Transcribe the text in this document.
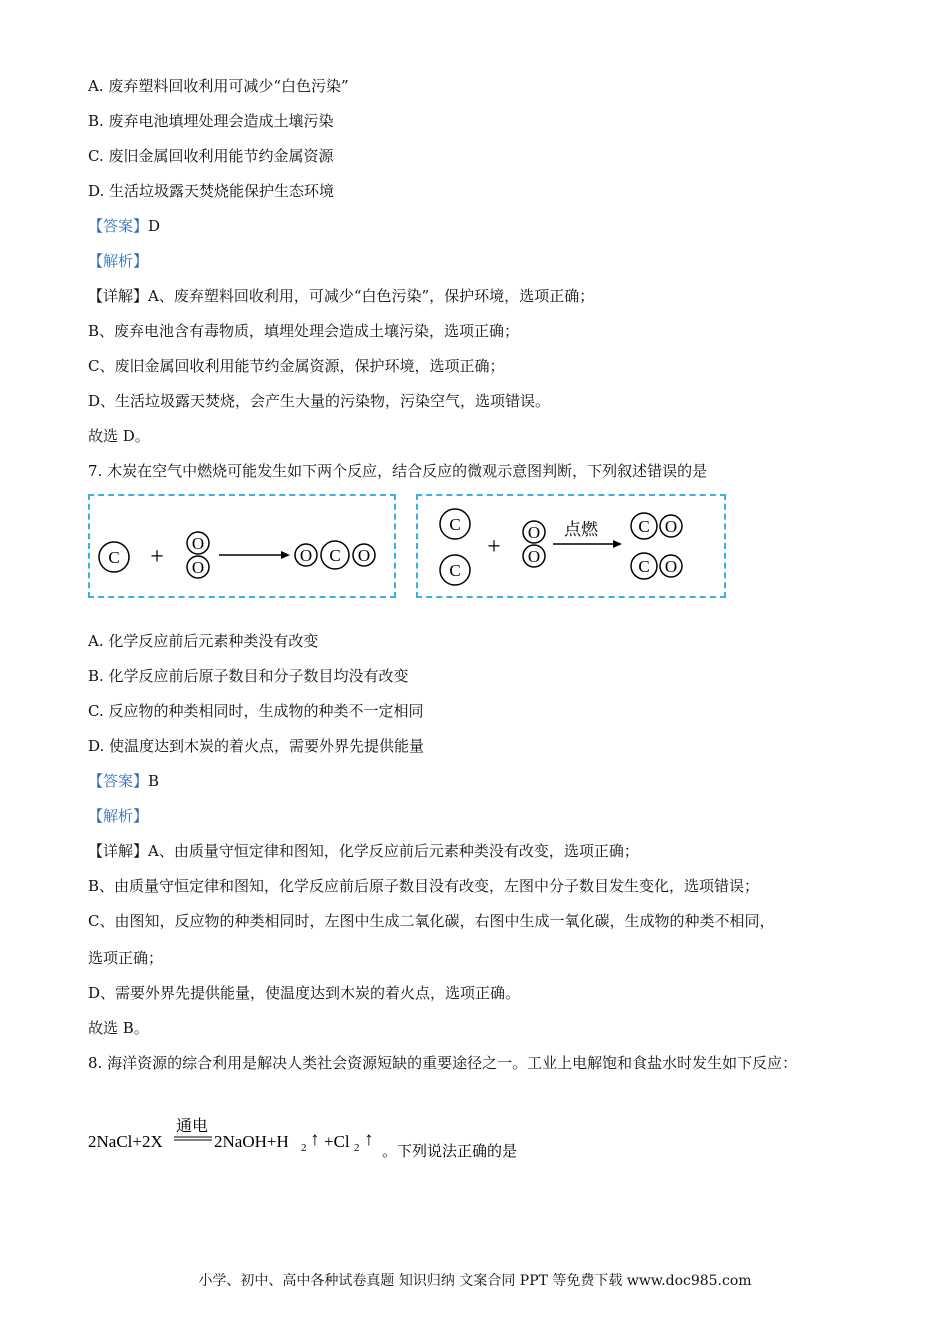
A. 废弃塑料回收利用可减少“白色污染”
B. 废弃电池填埋处理会造成土壤污染
C. 废旧金属回收利用能节约金属资源
D. 生活垃圾露天焚烧能保护生态环境
【答案】D
【解析】
【详解】A、废弃塑料回收利用，可减少“白色污染”，保护环境，选项正确；
B、废弃电池含有毒物质，填埋处理会造成土壤污染，选项正确；
C、废旧金属回收利用能节约金属资源，保护环境，选项正确；
D、生活垃圾露天焚烧，会产生大量的污染物，污染空气，选项错误。
故选 D。
7. 木炭在空气中燃烧可能发生如下两个反应，结合反应的微观示意图判断，下列叙述错误的是
C +
O
O
O	O
C
C
C
+
O
O
点燃 C O
C O
A. 化学反应前后元素种类没有改变
B. 化学反应前后原子数目和分子数目均没有改变
C. 反应物的种类相同时，生成物的种类不一定相同
D. 使温度达到木炭的着火点，需要外界先提供能量
【答案】B
【解析】
【详解】A、由质量守恒定律和图知，化学反应前后元素种类没有改变，选项正确；
B、由质量守恒定律和图知，化学反应前后原子数目没有改变，左图中分子数目发生变化，选项错误；
C、由图知，反应物的种类相同时，左图中生成二氧化碳，右图中生成一氧化碳，生成物的种类不相同，
选项正确；
D、需要外界先提供能量，使温度达到木炭的着火点，选项正确。
故选 B。
8. 海洋资源的综合利用是解决人类社会资源短缺的重要途径之一。工业上电解饱和食盐水时发生如下反应：
2NaCl+2X
通电
2NaOH+H 2 ↑ +Cl 2 ↑
。下列说法正确的是
小学、初中、高中各种试卷真题 知识归纳 文案合同 PPT 等免费下载 www.doc985.com
